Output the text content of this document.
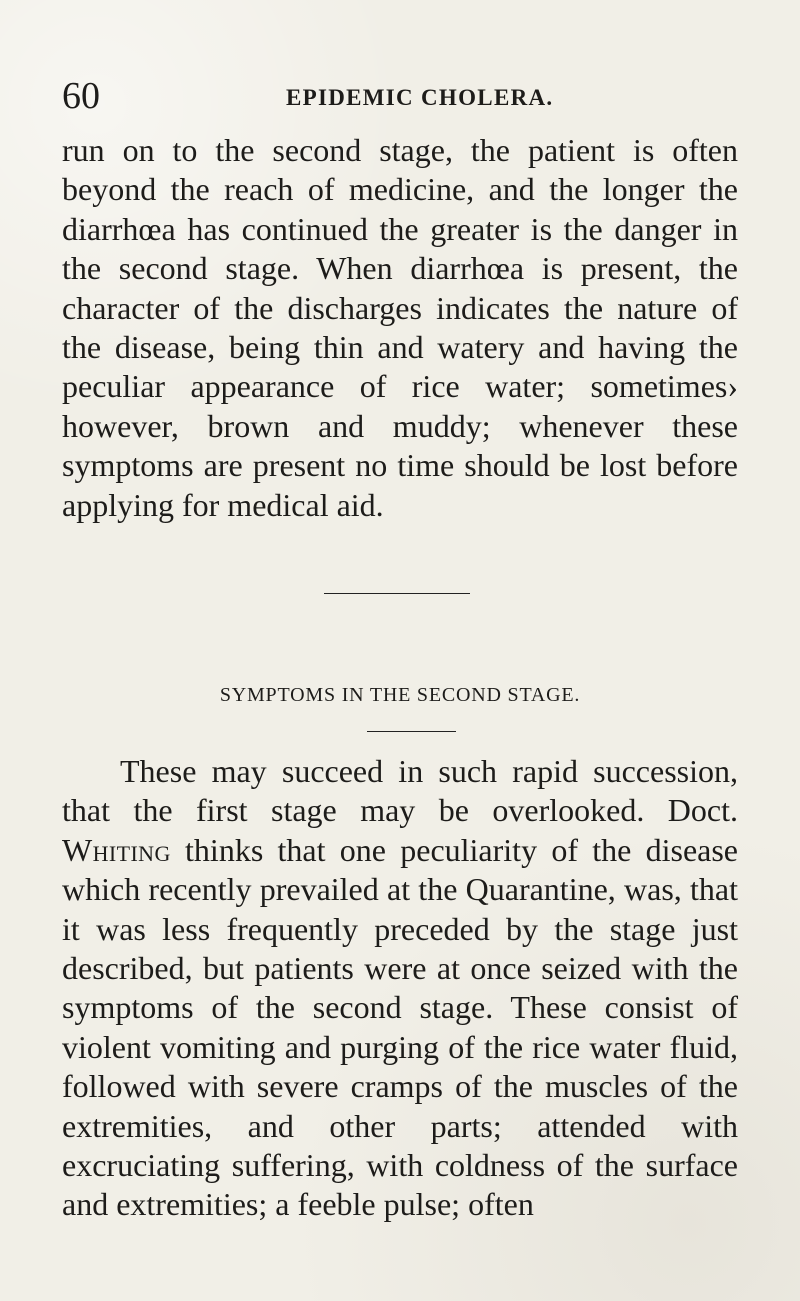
60	EPIDEMIC CHOLERA.

run on to the second stage, the patient is often beyond the reach of medicine, and the longer the diarrhœa has continued the greater is the danger in the second stage. When diarrhœa is present, the character of the discharges indicates the nature of the disease, being thin and watery and having the peculiar appearance of rice water; sometimes› however, brown and muddy; whenever these symptoms are present no time should be lost before applying for medical aid.

SYMPTOMS IN THE SECOND STAGE.

These may succeed in such rapid succession, that the first stage may be overlooked. Doct. Whiting thinks that one peculiarity of the disease which recently prevailed at the Quarantine, was, that it was less frequently preceded by the stage just described, but patients were at once seized with the symptoms of the second stage. These consist of violent vomiting and purging of the rice water fluid, followed with severe cramps of the muscles of the extremities, and other parts; attended with excruciating suffering, with coldness of the surface and extremities; a feeble pulse; often
